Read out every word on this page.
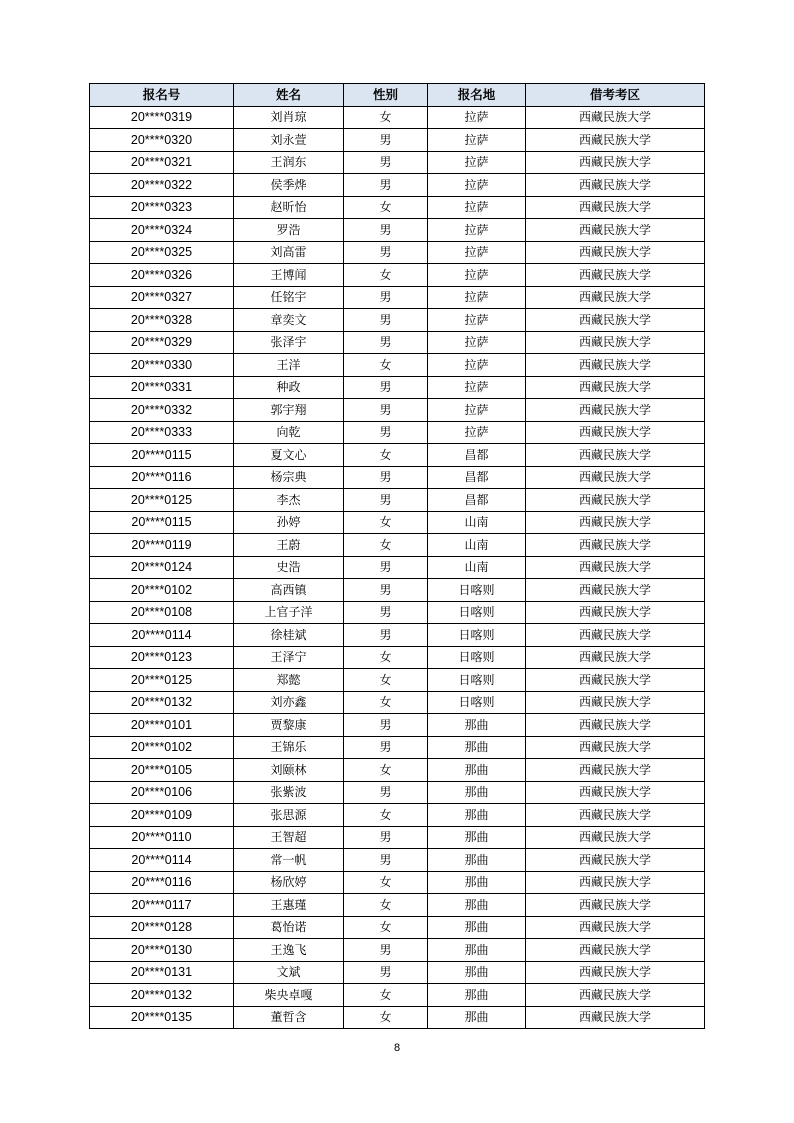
报名号	姓名	性别	报名地	借考考区
20****0319	刘肖琼	女	拉萨	西藏民族大学
20****0320	刘永萱	男	拉萨	西藏民族大学
20****0321	王润东	男	拉萨	西藏民族大学
20****0322	侯季烨	男	拉萨	西藏民族大学
20****0323	赵昕怡	女	拉萨	西藏民族大学
20****0324	罗浩	男	拉萨	西藏民族大学
20****0325	刘高雷	男	拉萨	西藏民族大学
20****0326	王博闻	女	拉萨	西藏民族大学
20****0327	任铭宇	男	拉萨	西藏民族大学
20****0328	章奕文	男	拉萨	西藏民族大学
20****0329	张泽宇	男	拉萨	西藏民族大学
20****0330	王洋	女	拉萨	西藏民族大学
20****0331	种政	男	拉萨	西藏民族大学
20****0332	郭宇翔	男	拉萨	西藏民族大学
20****0333	向乾	男	拉萨	西藏民族大学
20****0115	夏文心	女	昌都	西藏民族大学
20****0116	杨宗典	男	昌都	西藏民族大学
20****0125	李杰	男	昌都	西藏民族大学
20****0115	孙婷	女	山南	西藏民族大学
20****0119	王蔚	女	山南	西藏民族大学
20****0124	史浩	男	山南	西藏民族大学
20****0102	高西镇	男	日喀则	西藏民族大学
20****0108	上官子洋	男	日喀则	西藏民族大学
20****0114	徐桂斌	男	日喀则	西藏民族大学
20****0123	王泽宁	女	日喀则	西藏民族大学
20****0125	郑懿	女	日喀则	西藏民族大学
20****0132	刘亦鑫	女	日喀则	西藏民族大学
20****0101	贾黎康	男	那曲	西藏民族大学
20****0102	王锦乐	男	那曲	西藏民族大学
20****0105	刘颐林	女	那曲	西藏民族大学
20****0106	张紫波	男	那曲	西藏民族大学
20****0109	张思源	女	那曲	西藏民族大学
20****0110	王智超	男	那曲	西藏民族大学
20****0114	常一帆	男	那曲	西藏民族大学
20****0116	杨欣婷	女	那曲	西藏民族大学
20****0117	王惠瑾	女	那曲	西藏民族大学
20****0128	葛怡诺	女	那曲	西藏民族大学
20****0130	王逸飞	男	那曲	西藏民族大学
20****0131	文斌	男	那曲	西藏民族大学
20****0132	柴央卓嘎	女	那曲	西藏民族大学
20****0135	董哲含	女	那曲	西藏民族大学
8
